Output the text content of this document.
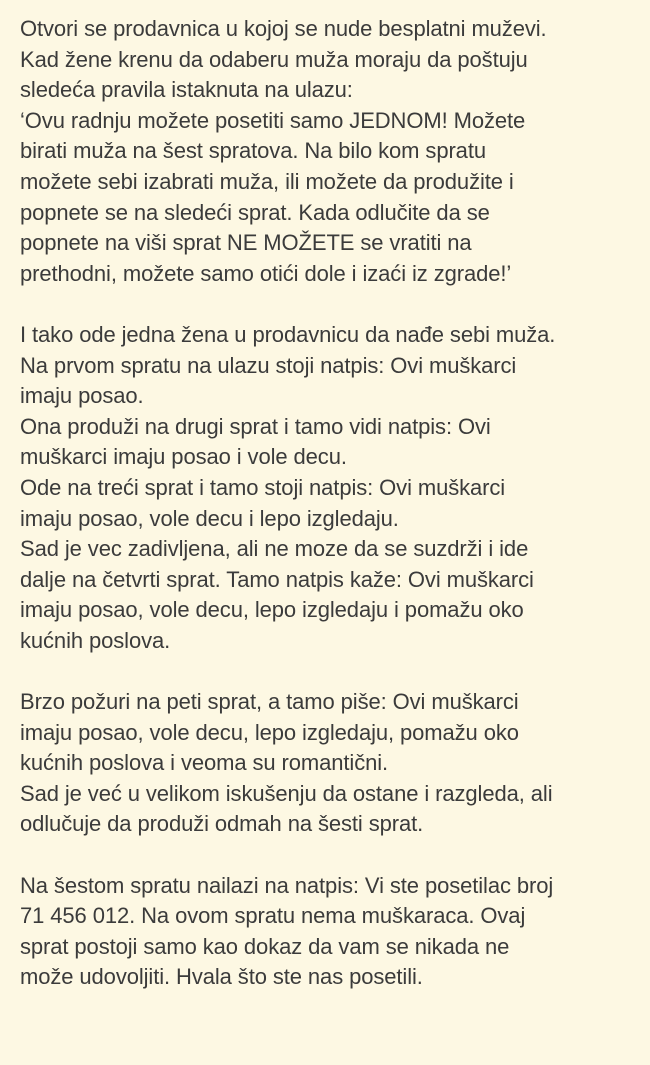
Otvori se prodavnica u kojoj se nude besplatni muževi.
Kad žene krenu da odaberu muža moraju da poštuju
sledeća pravila istaknuta na ulazu:
‘Ovu radnju možete posetiti samo JEDNOM! Možete
birati muža na šest spratova. Na bilo kom spratu
možete sebi izabrati muža, ili možete da produžite i
popnete se na sledeći sprat. Kada odlučite da se
popnete na viši sprat NE MOŽETE se vratiti na
prethodni, možete samo otići dole i izaći iz zgrade!’

I tako ode jedna žena u prodavnicu da nađe sebi muža.
Na prvom spratu na ulazu stoji natpis: Ovi muškarci
imaju posao.
Ona produži na drugi sprat i tamo vidi natpis: Ovi
muškarci imaju posao i vole decu.
Ode na treći sprat i tamo stoji natpis: Ovi muškarci
imaju posao, vole decu i lepo izgledaju.
Sad je vec zadivljena, ali ne moze da se suzdrži i ide
dalje na četvrti sprat. Tamo natpis kaže: Ovi muškarci
imaju posao, vole decu, lepo izgledaju i pomažu oko
kućnih poslova.

Brzo požuri na peti sprat, a tamo piše: Ovi muškarci
imaju posao, vole decu, lepo izgledaju, pomažu oko
kućnih poslova i veoma su romantični.
Sad je već u velikom iskušenju da ostane i razgleda, ali
odlučuje da produži odmah na šesti sprat.

Na šestom spratu nailazi na natpis: Vi ste posetilac broj
71 456 012. Na ovom spratu nema muškaraca. Ovaj
sprat postoji samo kao dokaz da vam se nikada ne
može udovoljiti. Hvala što ste nas posetili.
